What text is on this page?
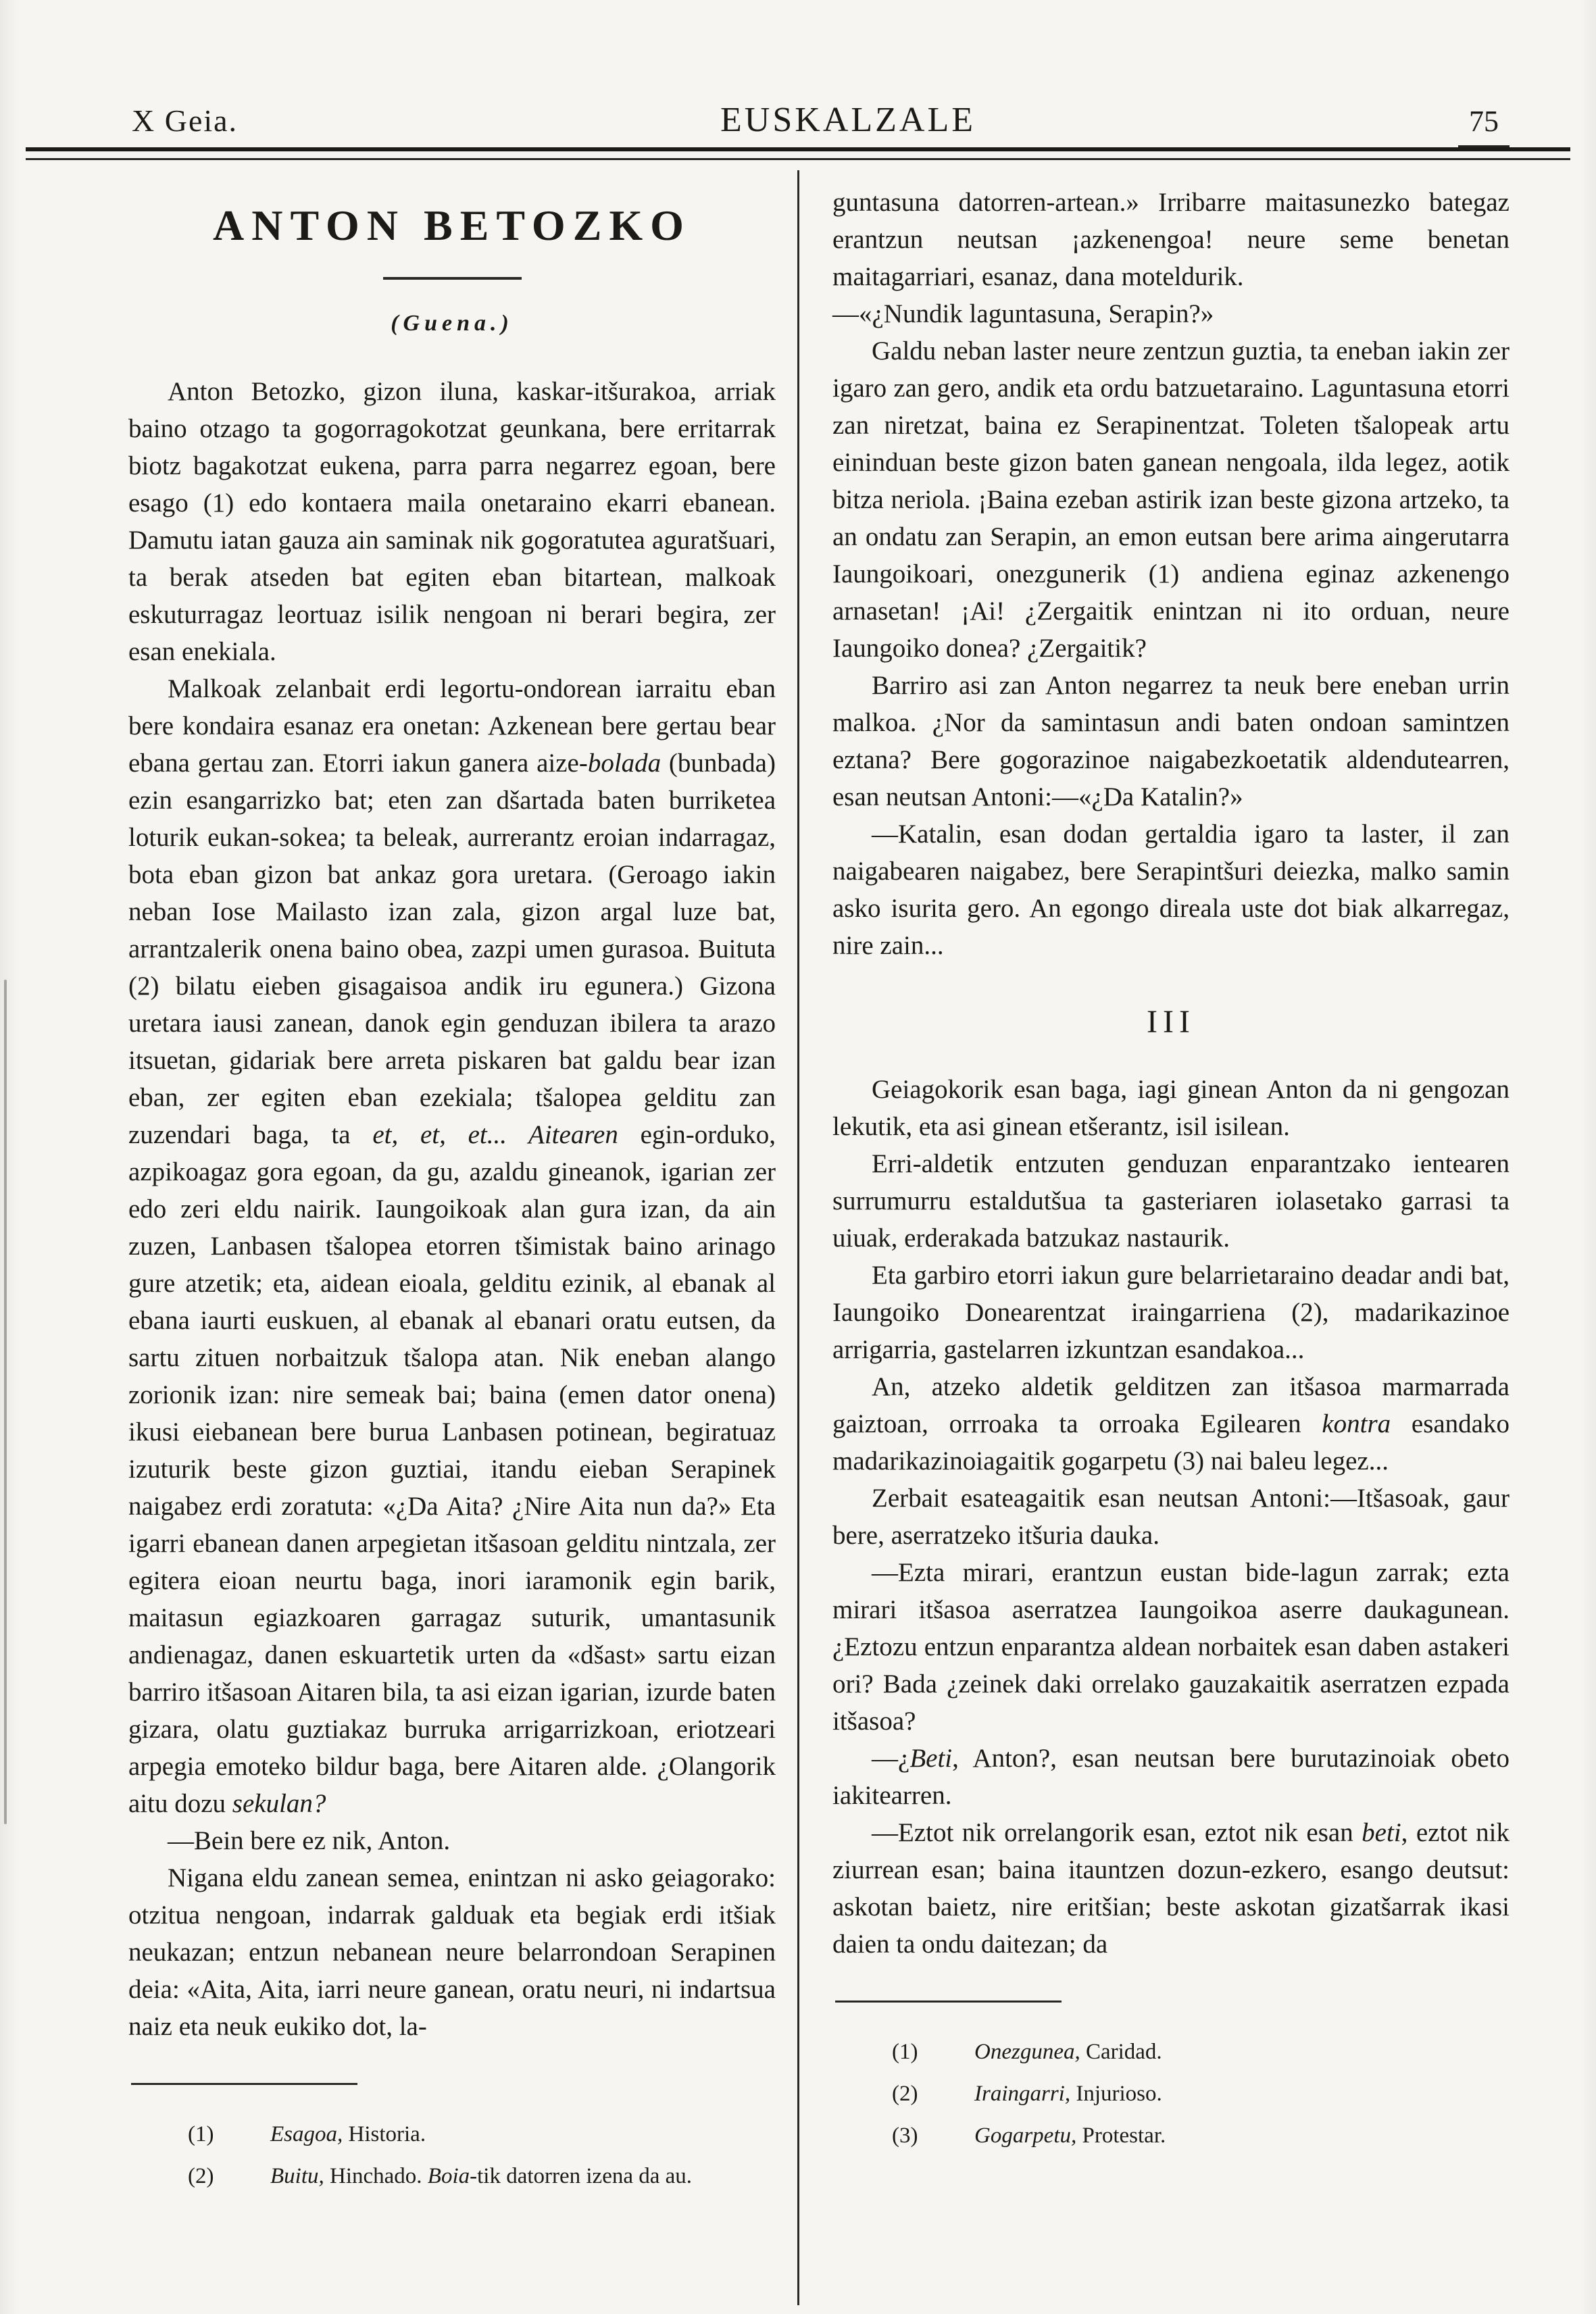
X Geia.	EUSKALZALE	75
ANTON BETOZKO
(Guena.)

Anton Betozko, gizon iluna, kaskar-itšurakoa, arriak baino otzago ta gogorragokotzat geunkana, bere erritarrak biotz bagakotzat eukena, parra parra negarrez egoan, bere esago (1) edo kontaera maila onetaraino ekarri ebanean. Damutu iatan gauza ain saminak nik gogoratutea aguratšuari, ta berak atseden bat egiten eban bitartean, malkoak eskuturragaz leortuaz isilik nengoan ni berari begira, zer esan enekiala.

Malkoak zelanbait erdi legortu-ondorean iarraitu eban bere kondaira esanaz era onetan: Azkenean bere gertau bear ebana gertau zan. Etorri iakun ganera aize-bolada (bunbada) ezin esangarrizko bat; eten zan dšartada baten burriketea loturik eukan-sokea; ta beleak, aurrerantz eroian indarragaz, bota eban gizon bat ankaz gora uretara. (Geroago iakin neban Iose Mailasto izan zala, gizon argal luze bat, arrantzalerik onena baino obea, zazpi umen gurasoa. Buituta (2) bilatu eieben gisagaisoa andik iru egunera.) Gizona uretara iausi zanean, danok egin genduzan ibilera ta arazo itsuetan, gidariak bere arreta piskaren bat galdu bear izan eban, zer egiten eban ezekiala; tšalopea gelditu zan zuzendari baga, ta et, et, et... Aitearen egin-orduko, azpikoagaz gora egoan, da gu, azaldu gineanok, igarian zer edo zeri eldu nairik. Iaungoikoak alan gura izan, da ain zuzen, Lanbasen tšalopea etorren tšimistak baino arinago gure atzetik; eta, aidean eioala, gelditu ezinik, al ebanak al ebana iaurti euskuen, al ebanak al ebanari oratu eutsen, da sartu zituen norbaitzuk tšalopa atan. Nik eneban alango zorionik izan: nire semeak bai; baina (emen dator onena) ikusi eiebanean bere burua Lanbasen potinean, begiratuaz izuturik beste gizon guztiai, itandu eieban Serapinek naigabez erdi zoratuta: «¿Da Aita? ¿Nire Aita nun da?» Eta igarri ebanean danen arpegietan itšasoan gelditu nintzala, zer egitera eioan neurtu baga, inori iaramonik egin barik, maitasun egiazkoaren garragaz suturik, umantasunik andienagaz, danen eskuartetik urten da «dšast» sartu eizan barriro itšasoan Aitaren bila, ta asi eizan igarian, izurde baten gizara, olatu guztiakaz burruka arrigarrizkoan, eriotzeari arpegia emoteko bildur baga, bere Aitaren alde. ¿Olangorik aitu dozu sekulan?

—Bein bere ez nik, Anton.

Nigana eldu zanean semea, enintzan ni asko geiagorako: otzitua nengoan, indarrak galduak eta begiak erdi itšiak neukazan; entzun nebanean neure belarrondoan Serapinen deia: «Aita, Aita, iarri neure ganean, oratu neuri, ni indartsua naiz eta neuk eukiko dot, la-

(1)	Esagoa, Historia.

(2)	Buitu, Hinchado. Boia-tik datorren izena da au.

guntasuna datorren-artean.» Irribarre maitasunezko bategaz erantzun neutsan ¡azkenengoa! neure seme benetan maitagarriari, esanaz, dana moteldurik.

—«¿Nundik laguntasuna, Serapin?»

Galdu neban laster neure zentzun guztia, ta eneban iakin zer igaro zan gero, andik eta ordu batzuetaraino. Laguntasuna etorri zan niretzat, baina ez Serapinentzat. Toleten tšalopeak artu eininduan beste gizon baten ganean nengoala, ilda legez, aotik bitza neriola. ¡Baina ezeban astirik izan beste gizona artzeko, ta an ondatu zan Serapin, an emon eutsan bere arima aingerutarra Iaungoikoari, onezgunerik (1) andiena eginaz azkenengo arnasetan! ¡Ai! ¿Zergaitik enintzan ni ito orduan, neure Iaungoiko donea? ¿Zergaitik?

Barriro asi zan Anton negarrez ta neuk bere eneban urrin malkoa. ¿Nor da samintasun andi baten ondoan samintzen eztana? Bere gogorazinoe naigabezkoetatik aldendutearren, esan neutsan Antoni:—«¿Da Katalin?»

—Katalin, esan dodan gertaldia igaro ta laster, il zan naigabearen naigabez, bere Serapintšuri deiezka, malko samin asko isurita gero. An egongo direala uste dot biak alkarregaz, nire zain...

III

Geiagokorik esan baga, iagi ginean Anton da ni gengozan lekutik, eta asi ginean etšerantz, isil isilean.

Erri-aldetik entzuten genduzan enparantzako ientearen surrumurru estaldutšua ta gasteriaren iolasetako garrasi ta uiuak, erderakada batzukaz nastaurik.

Eta garbiro etorri iakun gure belarrietaraino deadar andi bat, Iaungoiko Donearentzat iraingarriena (2), madarikazinoe arrigarria, gastelarren izkuntzan esandakoa...

An, atzeko aldetik gelditzen zan itšasoa marmarrada gaiztoan, orrroaka ta orroaka Egilearen kontra esandako madarikazinoiagaitik gogarpetu (3) nai baleu legez...

Zerbait esateagaitik esan neutsan Antoni:—Itšasoak, gaur bere, aserratzeko itšuria dauka.

—Ezta mirari, erantzun eustan bide-lagun zarrak; ezta mirari itšasoa aserratzea Iaungoikoa aserre daukagunean. ¿Eztozu entzun enparantza aldean norbaitek esan daben astakeri ori? Bada ¿zeinek daki orrelako gauzakaitik aserratzen ezpada itšasoa?

—¿Beti, Anton?, esan neutsan bere burutazinoiak obeto iakitearren.

—Eztot nik orrelangorik esan, eztot nik esan beti, eztot nik ziurrean esan; baina itauntzen dozun-ezkero, esango deutsut: askotan baietz, nire eritšian; beste askotan gizatšarrak ikasi daien ta ondu daitezan; da

(1)	Onezgunea, Caridad.

(2)	Iraingarri, Injurioso.

(3)	Gogarpetu, Protestar.
